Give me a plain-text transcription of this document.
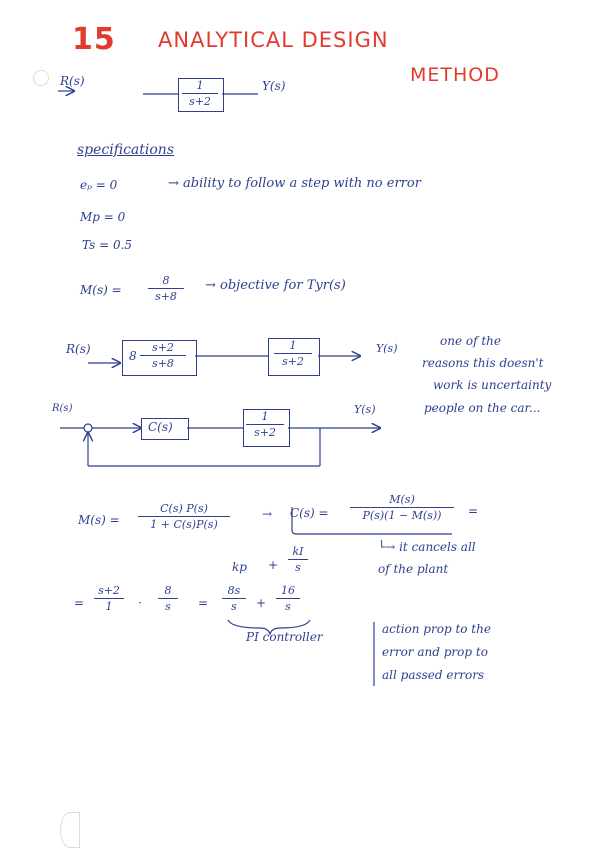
15 ANALYTICAL DESIGN
METHOD
R(s)	1
s+2
Y(s)
specifications
eₚ = 0	→ ability to follow a step with no error
Mp = 0
Ts = 0.5
M(s) =
8
s+8
→ objective for Tyr(s)
R(s)	8
s+2
s+8
1
s+2
Y(s)
one of the
reasons this doesn't
work is uncertainty
R(s)
C(s)
1
s+2
Y(s)	people on the car...
M(s) =
C(s) P(s)
1 + C(s)P(s)
→ C(s) =
M(s)
P(s)(1 − M(s))	=
└→ it cancels all
of the plant
kp +
kI
s
=
s+2
1	·
8
s	=
8s
s	+
16
s
PI controller
action prop to the
error and prop to
all passed errors
